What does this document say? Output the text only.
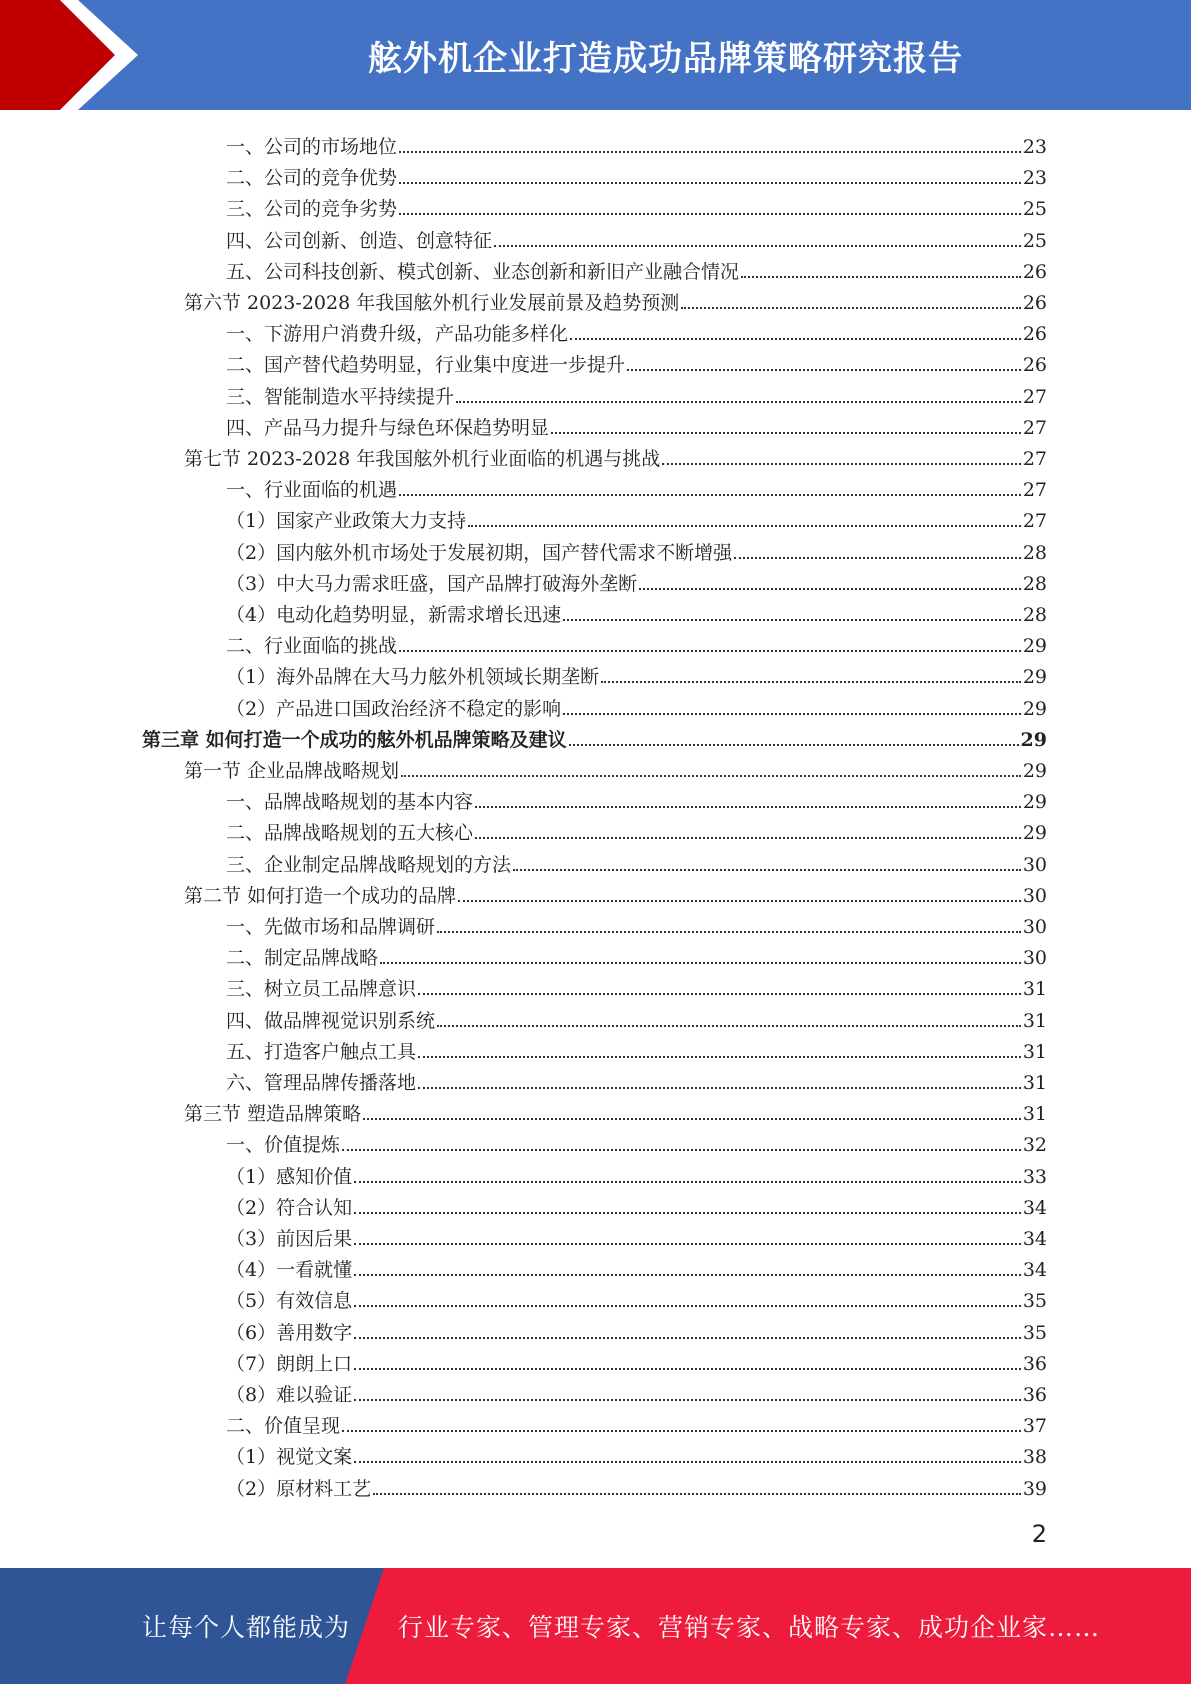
舷外机企业打造成功品牌策略研究报告
一、公司的市场地位	23
二、公司的竞争优势	23
三、公司的竞争劣势	25
四、公司创新、创造、创意特征	25
五、公司科技创新、模式创新、业态创新和新旧产业融合情况	26
第六节 2023-2028 年我国舷外机行业发展前景及趋势预测	26
一、下游用户消费升级，产品功能多样化	26
二、国产替代趋势明显，行业集中度进一步提升	26
三、智能制造水平持续提升	27
四、产品马力提升与绿色环保趋势明显	27
第七节 2023-2028 年我国舷外机行业面临的机遇与挑战	27
一、行业面临的机遇	27
（1）国家产业政策大力支持	27
（2）国内舷外机市场处于发展初期，国产替代需求不断增强	28
（3）中大马力需求旺盛，国产品牌打破海外垄断	28
（4）电动化趋势明显，新需求增长迅速	28
二、行业面临的挑战	29
（1）海外品牌在大马力舷外机领域长期垄断	29
（2）产品进口国政治经济不稳定的影响	29
第三章 如何打造一个成功的舷外机品牌策略及建议	29
第一节 企业品牌战略规划	29
一、品牌战略规划的基本内容	29
二、品牌战略规划的五大核心	29
三、企业制定品牌战略规划的方法	30
第二节 如何打造一个成功的品牌	30
一、先做市场和品牌调研	30
二、制定品牌战略	30
三、树立员工品牌意识	31
四、做品牌视觉识别系统	31
五、打造客户触点工具	31
六、管理品牌传播落地	31
第三节 塑造品牌策略	31
一、价值提炼	32
（1）感知价值	33
（2）符合认知	34
（3）前因后果	34
（4）一看就懂	34
（5）有效信息	35
（6）善用数字	35
（7）朗朗上口	36
（8）难以验证	36
二、价值呈现	37
（1）视觉文案	38
（2）原材料工艺	39
2
让每个人都能成为 行业专家、管理专家、营销专家、战略专家、成功企业家……
